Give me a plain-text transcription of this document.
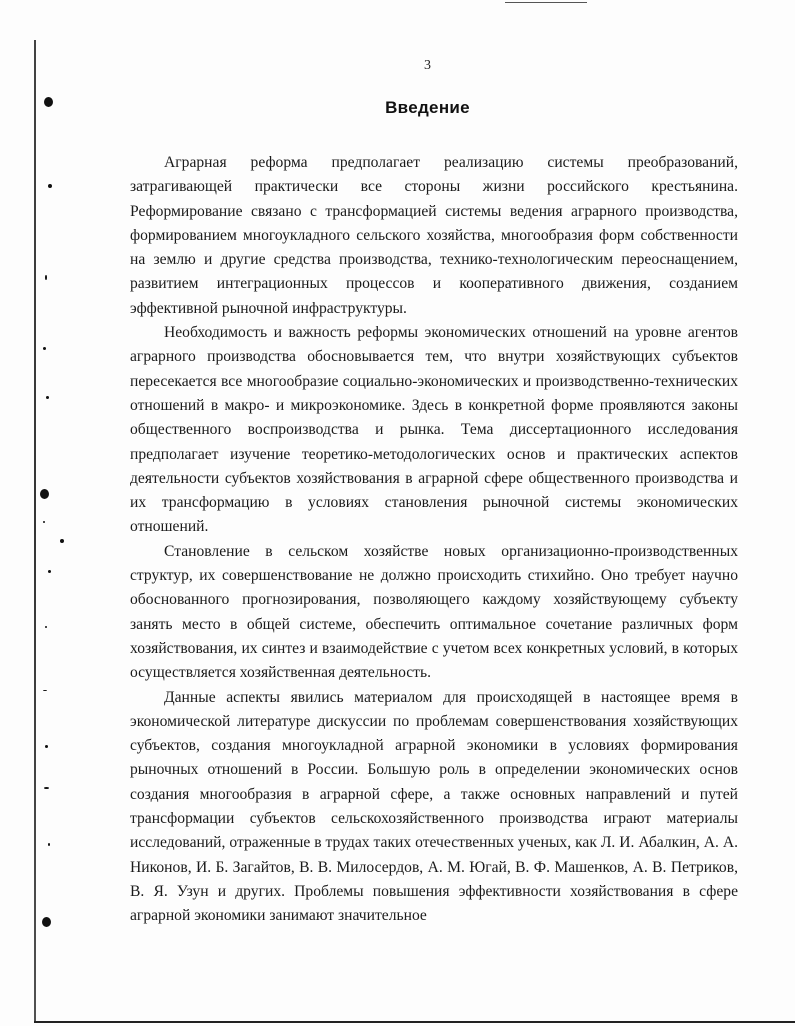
3
Введение

Аграрная реформа предполагает реализацию системы преобразований, затрагивающей практически все стороны жизни российского крестьянина. Реформирование связано с трансформацией системы ведения аграрного производства, формированием многоукладного сельского хозяйства, многообразия форм собственности на землю и другие средства производства, технико-технологическим переоснащением, развитием интеграционных процессов и кооперативного движения, созданием эффективной рыночной инфраструктуры.

Необходимость и важность реформы экономических отношений на уровне агентов аграрного производства обосновывается тем, что внутри хозяйствующих субъектов пересекается все многообразие социально-экономических и производственно-технических отношений в макро- и микроэкономике. Здесь в конкретной форме проявляются законы общественного воспроизводства и рынка. Тема диссертационного исследования предполагает изучение теоретико-методологических основ и практических аспектов деятельности субъектов хозяйствования в аграрной сфере общественного производства и их трансформацию в условиях становления рыночной системы экономических отношений.

Становление в сельском хозяйстве новых организационно-производственных структур, их совершенствование не должно происходить стихийно. Оно требует научно обоснованного прогнозирования, позволяющего каждому хозяйствующему субъекту занять место в общей системе, обеспечить оптимальное сочетание различных форм хозяйствования, их синтез и взаимодействие с учетом всех конкретных условий, в которых осуществляется хозяйственная деятельность.

Данные аспекты явились материалом для происходящей в настоящее время в экономической литературе дискуссии по проблемам совершенствования хозяйствующих субъектов, создания многоукладной аграрной экономики в условиях формирования рыночных отношений в России. Большую роль в определении экономических основ создания многообразия в аграрной сфере, а также основных направлений и путей трансформации субъектов сельскохозяйственного производства играют материалы исследований, отраженные в трудах таких отечественных ученых, как Л. И. Абалкин, А. А. Никонов, И. Б. Загайтов, В. В. Милосердов, А. М. Югай, В. Ф. Машенков, А. В. Петриков, В. Я. Узун и других. Проблемы повышения эффективности хозяйствования в сфере аграрной экономики занимают значительное
